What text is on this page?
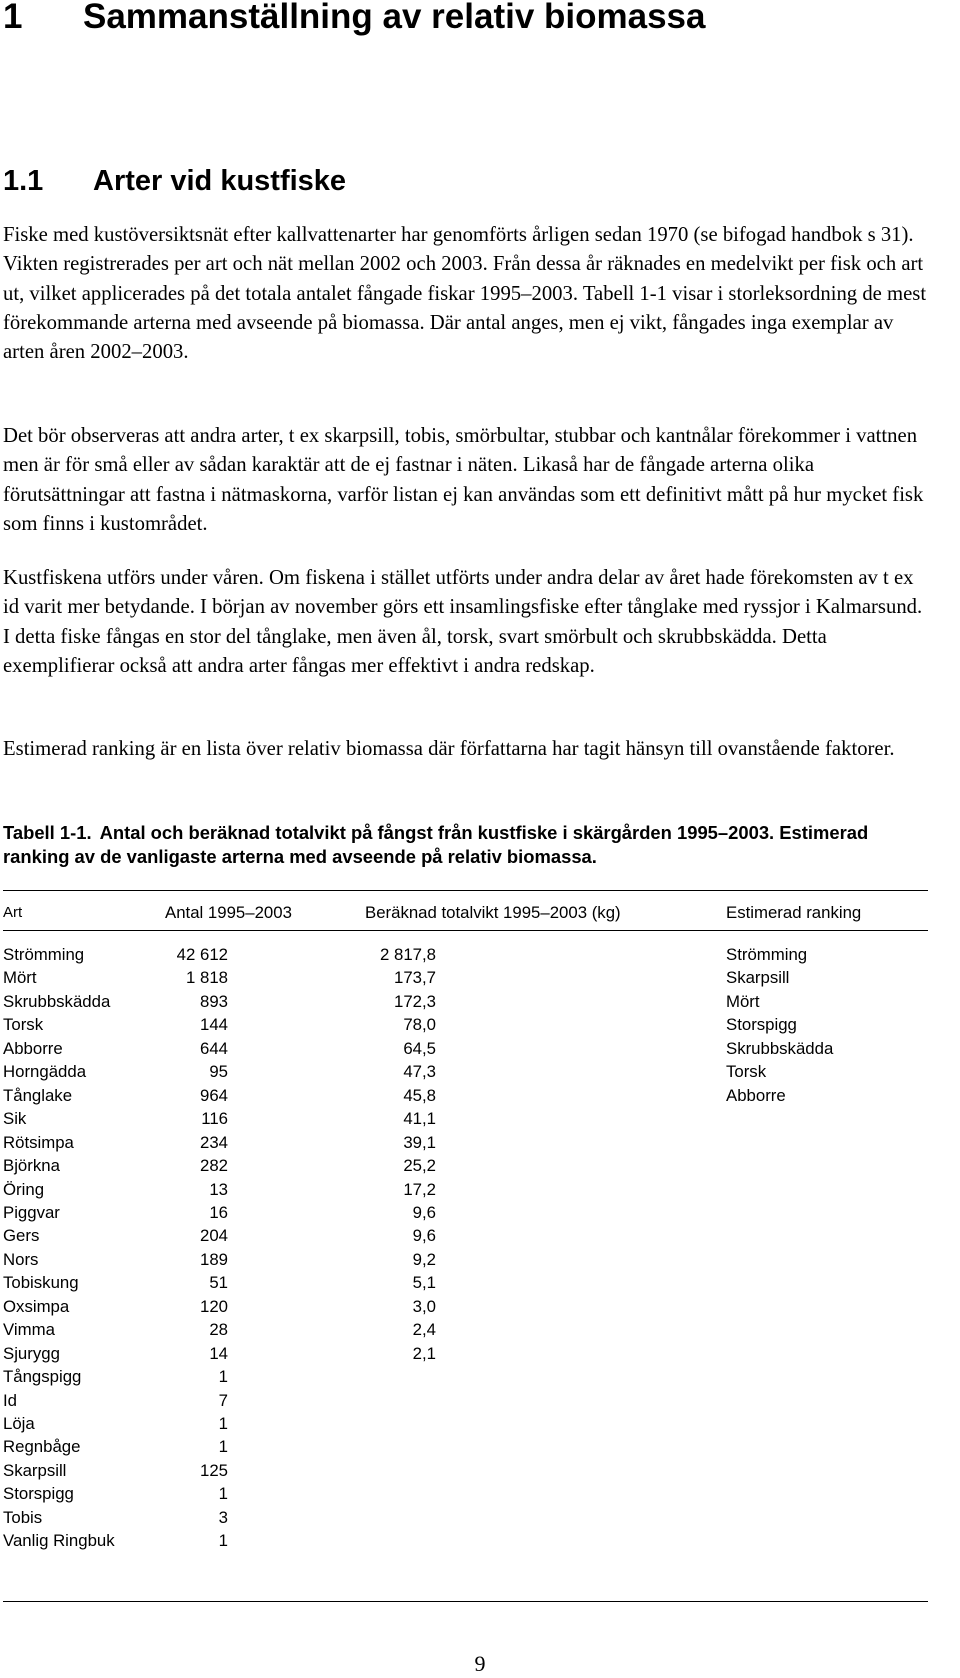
1 Sammanställning av relativ biomassa
1.1 Arter vid kustfiske

Fiske med kustöversiktsnät efter kallvattenarter har genomförts årligen sedan 1970 (se bifogad handbok s 31). Vikten registrerades per art och nät mellan 2002 och 2003. Från dessa år räknades en medelvikt per fisk och art ut, vilket applicerades på det totala antalet fångade fiskar 1995–2003. Tabell 1-1 visar i storleksordning de mest förekommande arterna med avseende på biomassa. Där antal anges, men ej vikt, fångades inga exemplar av arten åren 2002–2003.

Det bör observeras att andra arter, t ex skarpsill, tobis, smörbultar, stubbar och kantnålar förekommer i vattnen men är för små eller av sådan karaktär att de ej fastnar i näten. Likaså har de fångade arterna olika förutsättningar att fastna i nätmaskorna, varför listan ej kan användas som ett definitivt mått på hur mycket fisk som finns i kustområdet.

Kustfiskena utförs under våren. Om fiskena i stället utförts under andra delar av året hade förekomsten av t ex id varit mer betydande. I början av november görs ett insamlingsfiske efter tånglake med ryssjor i Kalmarsund. I detta fiske fångas en stor del tånglake, men även ål, torsk, svart smörbult och skrubbskädda. Detta exemplifierar också att andra arter fångas mer effektivt i andra redskap.

Estimerad ranking är en lista över relativ biomassa där författarna har tagit hänsyn till ovanstående faktorer.

Tabell 1-1. Antal och beräknad totalvikt på fångst från kustfiske i skärgården 1995–2003. Estimerad ranking av de vanligaste arterna med avseende på relativ biomassa.

Art	Antal 1995–2003	Beräknad totalvikt 1995–2003 (kg)	Estimerad ranking
Strömming	42 612	2 817,8	Strömming
Mört	1 818	173,7	Skarpsill
Skrubbskädda	893	172,3	Mört
Torsk	144	78,0	Storspigg
Abborre	644	64,5	Skrubbskädda
Horngädda	95	47,3	Torsk
Tånglake	964	45,8	Abborre
Sik	116	41,1
Rötsimpa	234	39,1
Björkna	282	25,2
Öring	13	17,2
Piggvar	16	9,6
Gers	204	9,6
Nors	189	9,2
Tobiskung	51	5,1
Oxsimpa	120	3,0
Vimma	28	2,4
Sjurygg	14	2,1
Tångspigg	1
Id	7
Löja	1
Regnbåge	1
Skarpsill	125
Storspigg	1
Tobis	3
Vanlig Ringbuk	1
9
